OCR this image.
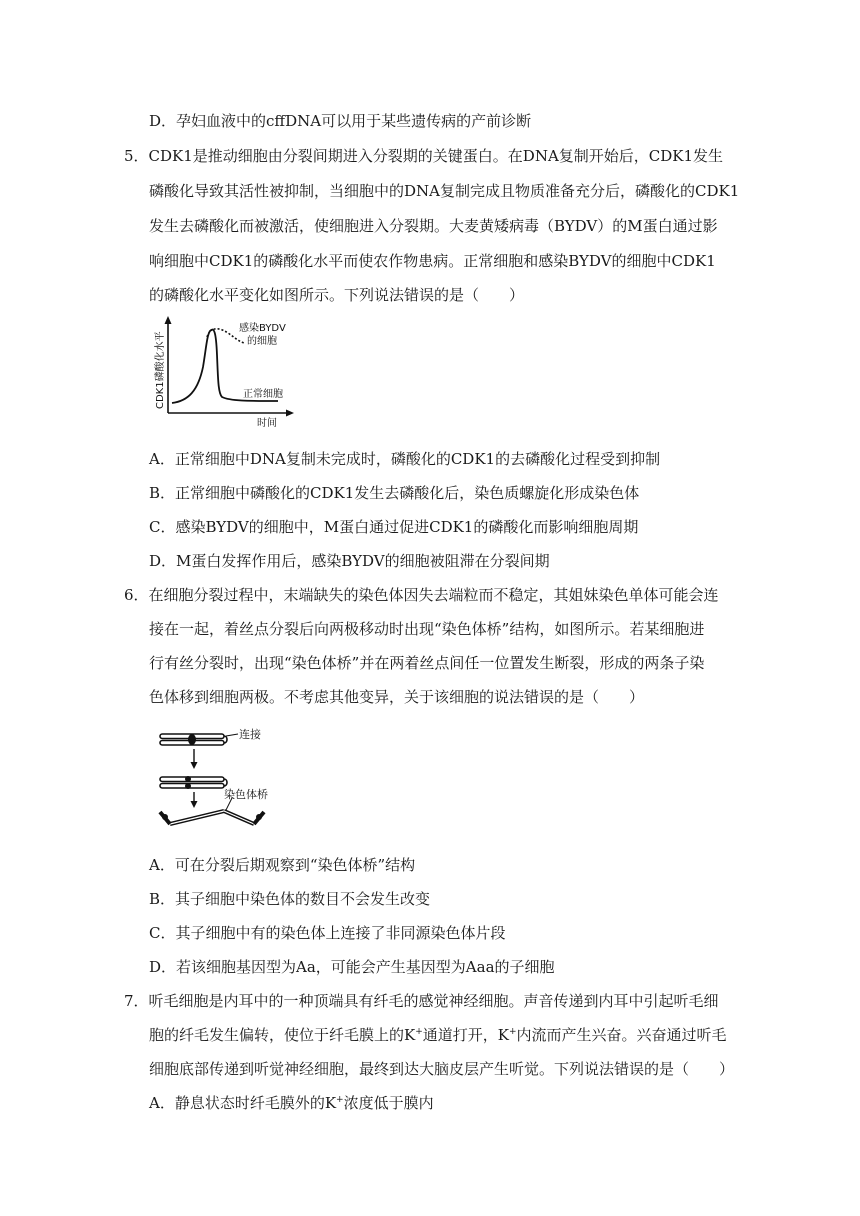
D．孕妇血液中的cffDNA可以用于某些遗传病的产前诊断
5．CDK1是推动细胞由分裂间期进入分裂期的关键蛋白。在DNA复制开始后，CDK1发生
磷酸化导致其活性被抑制，当细胞中的DNA复制完成且物质准备充分后，磷酸化的CDK1
发生去磷酸化而被激活，使细胞进入分裂期。大麦黄矮病毒（BYDV）的M蛋白通过影
响细胞中CDK1的磷酸化水平而使农作物患病。正常细胞和感染BYDV的细胞中CDK1
的磷酸化水平变化如图所示。下列说法错误的是（　　）
CDK1磷酸化水平
时间
感染BYDV
的细胞
正常细胞
A．正常细胞中DNA复制未完成时，磷酸化的CDK1的去磷酸化过程受到抑制
B．正常细胞中磷酸化的CDK1发生去磷酸化后，染色质螺旋化形成染色体
C．感染BYDV的细胞中，M蛋白通过促进CDK1的磷酸化而影响细胞周期
D．M蛋白发挥作用后，感染BYDV的细胞被阻滞在分裂间期
6．在细胞分裂过程中，末端缺失的染色体因失去端粒而不稳定，其姐妹染色单体可能会连
接在一起，着丝点分裂后向两极移动时出现“染色体桥”结构，如图所示。若某细胞进
行有丝分裂时，出现“染色体桥”并在两着丝点间任一位置发生断裂，形成的两条子染
色体移到细胞两极。不考虑其他变异，关于该细胞的说法错误的是（　　）
连接
染色体桥
A．可在分裂后期观察到“染色体桥”结构
B．其子细胞中染色体的数目不会发生改变
C．其子细胞中有的染色体上连接了非同源染色体片段
D．若该细胞基因型为Aa，可能会产生基因型为Aaa的子细胞
7．听毛细胞是内耳中的一种顶端具有纤毛的感觉神经细胞。声音传递到内耳中引起听毛细
胞的纤毛发生偏转，使位于纤毛膜上的K+通道打开，K+内流而产生兴奋。兴奋通过听毛
细胞底部传递到听觉神经细胞，最终到达大脑皮层产生听觉。下列说法错误的是（　　）
A．静息状态时纤毛膜外的K+浓度低于膜内
